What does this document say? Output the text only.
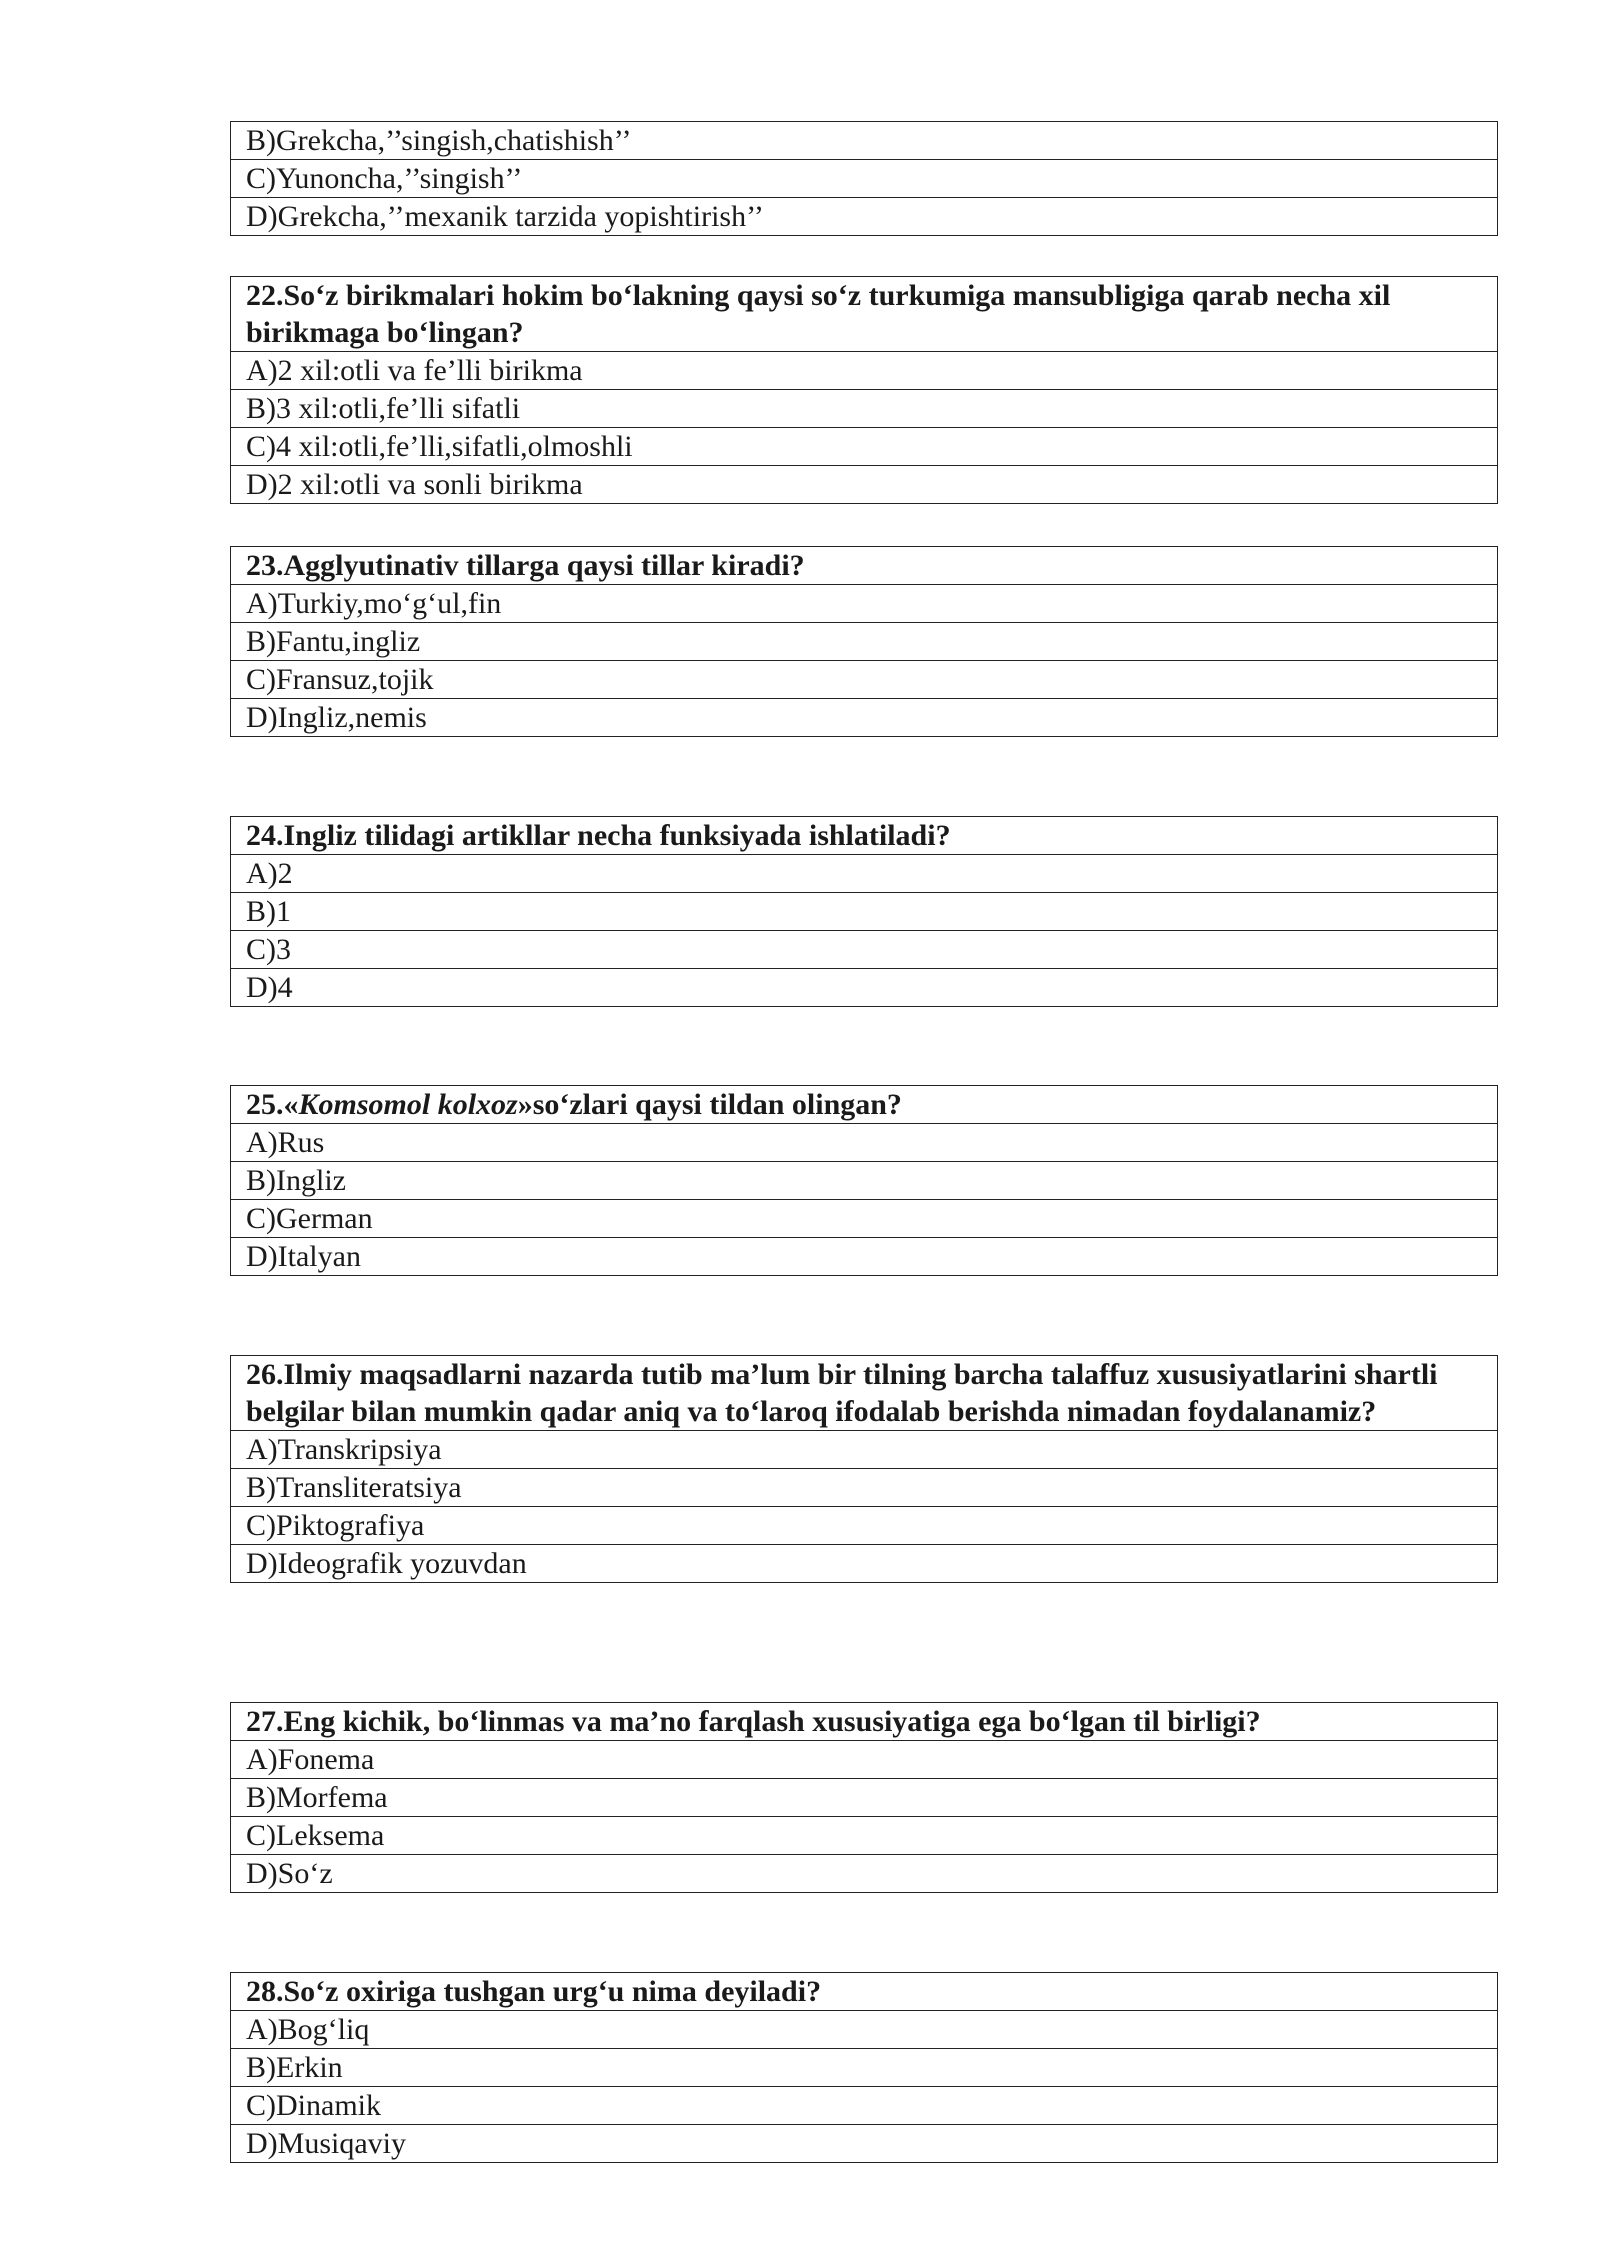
B)Grekcha,’’singish,chatishish’’
C)Yunoncha,’’singish’’
D)Grekcha,’’mexanik tarzida yopishtirish’’
22.So‘z birikmalari hokim bo‘lakning qaysi so‘z turkumiga mansubligiga qarab necha xil birikmaga bo‘lingan?
A)2 xil:otli va fe’lli birikma
B)3 xil:otli,fe’lli sifatli
C)4 xil:otli,fe’lli,sifatli,olmoshli
D)2 xil:otli va sonli birikma
23.Agglyutinativ tillarga qaysi tillar kiradi?
A)Turkiy,mo‘g‘ul,fin
B)Fantu,ingliz
C)Fransuz,tojik
D)Ingliz,nemis
24.Ingliz tilidagi artikllar necha funksiyada ishlatiladi?
A)2
B)1
C)3
D)4
25.«Komsomol kolxoz»so‘zlari qaysi tildan olingan?
A)Rus
B)Ingliz
C)German
D)Italyan
26.Ilmiy maqsadlarni nazarda tutib ma’lum bir tilning barcha talaffuz xususiyatlarini shartli belgilar bilan mumkin qadar aniq va to‘laroq ifodalab berishda nimadan foydalanamiz?
A)Transkripsiya
B)Transliteratsiya
C)Piktografiya
D)Ideografik yozuvdan
27.Eng kichik, bo‘linmas va ma’no farqlash xususiyatiga ega bo‘lgan til birligi?
A)Fonema
B)Morfema
C)Leksema
D)So‘z
28.So‘z oxiriga tushgan urg‘u nima deyiladi?
A)Bog‘liq
B)Erkin
C)Dinamik
D)Musiqaviy
